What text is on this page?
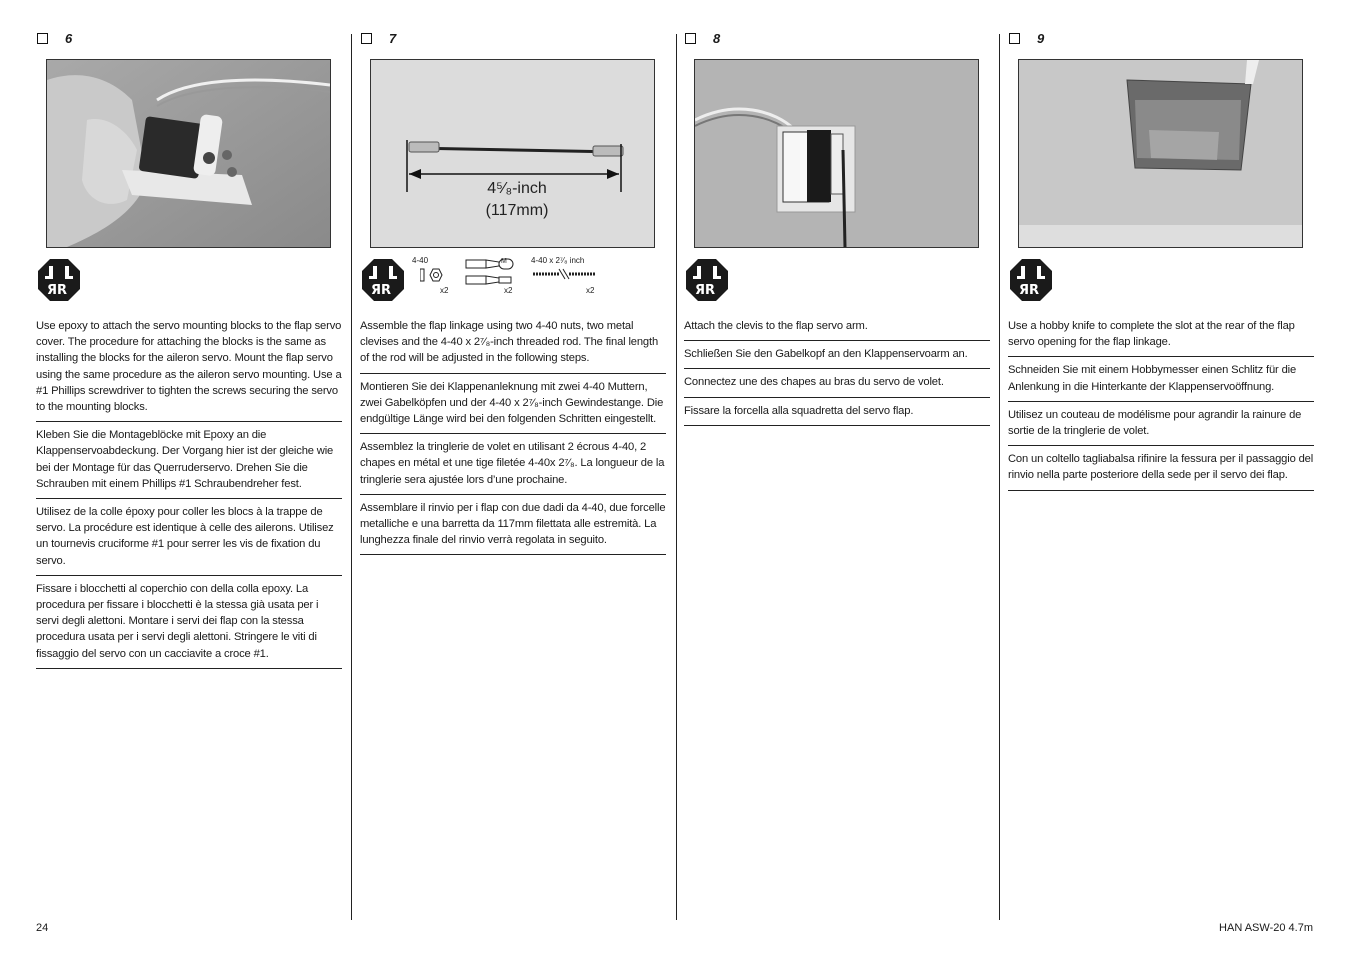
6
ЯR

Use epoxy to attach the servo mounting blocks to the flap servo cover. The procedure for attaching the blocks is the same as installing the blocks for the aileron servo. Mount the flap servo using the same procedure as the aileron servo mounting. Use a #1 Phillips screwdriver to tighten the screws securing the servo to the mounting blocks.

Kleben Sie die Montageblöcke mit Epoxy an die Klappenservoabdeckung. Der Vorgang hier ist der gleiche wie bei der Montage für das Querruderservo. Drehen Sie die Schrauben mit einem Phillips #1 Schraubendreher fest.

Utilisez de la colle époxy pour coller les blocs à la trappe de servo. La procédure est identique à celle des ailerons. Utilisez un tournevis cruciforme #1 pour serrer les vis de fixation du servo.

Fissare i blocchetti al coperchio con della colla epoxy. La procedura per fissare i blocchetti è la stessa già usata per i servi degli alettoni. Montare i servi dei flap con la stessa procedura usata per i servi degli alettoni. Stringere le viti di fissaggio del servo con un cacciavite a croce #1.

7
4⁵⁄₈-inch
(117mm)
ЯR
4-40
x2
M
x2
4-40 x 2⁷⁄₈ inch
x2

Assemble the flap linkage using two 4-40 nuts, two metal clevises and the 4-40 x 2⁷⁄₈-inch threaded rod. The final length of the rod will be adjusted in the following steps.

Montieren Sie dei Klappenanleknung mit zwei 4-40 Muttern, zwei Gabelköpfen und der 4-40 x 2⁷⁄₈-inch Gewindestange. Die endgültige Länge wird bei den folgenden Schritten eingestellt.

Assemblez la tringlerie de volet en utilisant 2 écrous 4-40, 2 chapes en métal et une tige filetée 4-40x 2⁷⁄₈. La longueur de la tringlerie sera ajustée lors d’une prochaine.

Assemblare il rinvio per i flap con due dadi da 4-40, due forcelle metalliche e una barretta da 117mm filettata alle estremità. La lunghezza finale del rinvio verrà regolata in seguito.

8
ЯR

Attach the clevis to the flap servo arm.

Schließen Sie den Gabelkopf an den Klappenservoarm an.

Connectez une des chapes au bras du servo de volet.

Fissare la forcella alla squadretta del servo flap.

9
ЯR

Use a hobby knife to complete the slot at the rear of the flap servo opening for the flap linkage.

Schneiden Sie mit einem Hobbymesser einen Schlitz für die Anlenkung in die Hinterkante der Klappenservoöffnung.

Utilisez un couteau de modélisme pour agrandir la rainure de sortie de la tringlerie de volet.

Con un coltello tagliabalsa rifinire la fessura per il passaggio del rinvio nella parte posteriore della sede per il servo dei flap.

24	HAN ASW-20 4.7m
